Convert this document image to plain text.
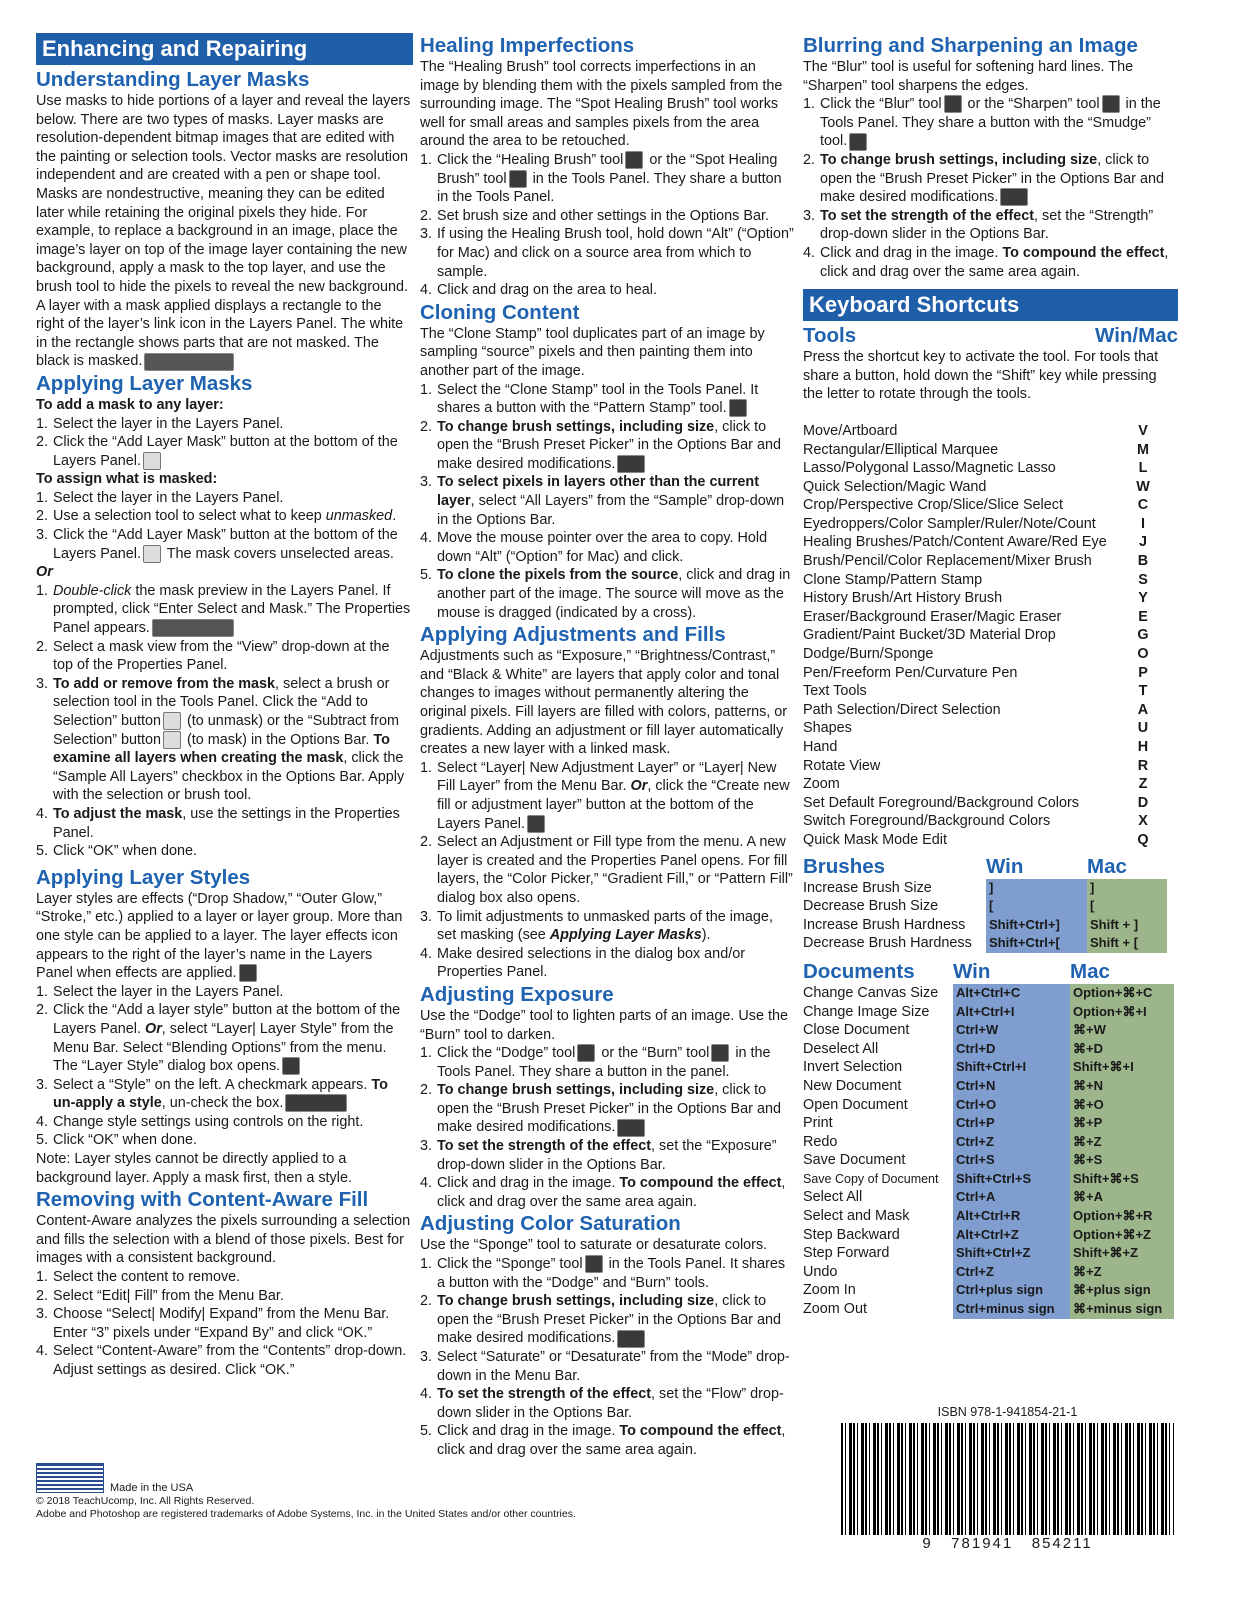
Enhancing and Repairing
Understanding Layer Masks

Use masks to hide portions of a layer and reveal the layers below. There are two types of masks. Layer masks are resolution-dependent bitmap images that are edited with the painting or selection tools. Vector masks are resolution independent and are created with a pen or shape tool. Masks are nondestructive, meaning they can be edited later while retaining the original pixels they hide. For example, to replace a background in an image, place the image’s layer on top of the image layer containing the new background, apply a mask to the top layer, and use the brush tool to hide the pixels to reveal the new background. A layer with a mask applied displays a rectangle to the right of the layer’s link icon in the Layers Panel. The white in the rectangle shows parts that are not masked. The black is masked.

Applying Layer Masks
To add a mask to any layer:
1. Select the layer in the Layers Panel.
2. Click the “Add Layer Mask” button at the bottom of the Layers Panel.
To assign what is masked:
1. Select the layer in the Layers Panel.
2. Use a selection tool to select what to keep unmasked.
3. Click the “Add Layer Mask” button at the bottom of the Layers Panel. The mask covers unselected areas.
Or
1. Double-click the mask preview in the Layers Panel. If prompted, click “Enter Select and Mask.” The Properties Panel appears.
2. Select a mask view from the “View” drop-down at the top of the Properties Panel.
3. To add or remove from the mask, select a brush or selection tool in the Tools Panel. Click the “Add to Selection” button (to unmask) or the “Subtract from Selection” button (to mask) in the Options Bar. To examine all layers when creating the mask, click the “Sample All Layers” checkbox in the Options Bar. Apply with the selection or brush tool.
4. To adjust the mask, use the settings in the Properties Panel.
5. Click “OK” when done.
Applying Layer Styles

Layer styles are effects (“Drop Shadow,” “Outer Glow,” “Stroke,” etc.) applied to a layer or layer group. More than one style can be applied to a layer. The layer effects icon appears to the right of the layer’s name in the Layers Panel when effects are applied.

1. Select the layer in the Layers Panel.
2. Click the “Add a layer style” button at the bottom of the Layers Panel. Or, select “Layer| Layer Style” from the Menu Bar. Select “Blending Options” from the menu. The “Layer Style” dialog box opens.
3. Select a “Style” on the left. A checkmark appears. To un-apply a style, un-check the box.
4. Change style settings using controls on the right.
5. Click “OK” when done.

Note: Layer styles cannot be directly applied to a background layer. Apply a mask first, then a style.

Removing with Content-Aware Fill

Content-Aware analyzes the pixels surrounding a selection and fills the selection with a blend of those pixels. Best for images with a consistent background.

1. Select the content to remove.
2. Select “Edit| Fill” from the Menu Bar.
3. Choose “Select| Modify| Expand” from the Menu Bar. Enter “3” pixels under “Expand By” and click “OK.”
4. Select “Content-Aware” from the “Contents” drop-down. Adjust settings as desired. Click “OK.”
Healing Imperfections

The “Healing Brush” tool corrects imperfections in an image by blending them with the pixels sampled from the surrounding image. The “Spot Healing Brush” tool works well for small areas and samples pixels from the area around the area to be retouched.

1. Click the “Healing Brush” tool or the “Spot Healing Brush” tool in the Tools Panel. They share a button in the Tools Panel.
2. Set brush size and other settings in the Options Bar.
3. If using the Healing Brush tool, hold down “Alt” (“Option” for Mac) and click on a source area from which to sample.
4. Click and drag on the area to heal.
Cloning Content

The “Clone Stamp” tool duplicates part of an image by sampling “source” pixels and then painting them into another part of the image.

1. Select the “Clone Stamp” tool in the Tools Panel. It shares a button with the “Pattern Stamp” tool.
2. To change brush settings, including size, click to open the “Brush Preset Picker” in the Options Bar and make desired modifications.
3. To select pixels in layers other than the current layer, select “All Layers” from the “Sample” drop-down in the Options Bar.
4. Move the mouse pointer over the area to copy. Hold down “Alt” (“Option” for Mac) and click.
5. To clone the pixels from the source, click and drag in another part of the image. The source will move as the mouse is dragged (indicated by a cross).
Applying Adjustments and Fills

Adjustments such as “Exposure,” “Brightness/Contrast,” and “Black & White” are layers that apply color and tonal changes to images without permanently altering the original pixels. Fill layers are filled with colors, patterns, or gradients. Adding an adjustment or fill layer automatically creates a new layer with a linked mask.

1. Select “Layer| New Adjustment Layer” or “Layer| New Fill Layer” from the Menu Bar. Or, click the “Create new fill or adjustment layer” button at the bottom of the Layers Panel.
2. Select an Adjustment or Fill type from the menu. A new layer is created and the Properties Panel opens. For fill layers, the “Color Picker,” “Gradient Fill,” or “Pattern Fill” dialog box also opens.
3. To limit adjustments to unmasked parts of the image, set masking (see Applying Layer Masks).
4. Make desired selections in the dialog box and/or Properties Panel.
Adjusting Exposure

Use the “Dodge” tool to lighten parts of an image. Use the “Burn” tool to darken.

1. Click the “Dodge” tool or the “Burn” tool in the Tools Panel. They share a button in the panel.
2. To change brush settings, including size, click to open the “Brush Preset Picker” in the Options Bar and make desired modifications.
3. To set the strength of the effect, set the “Exposure” drop-down slider in the Options Bar.
4. Click and drag in the image. To compound the effect, click and drag over the same area again.
Adjusting Color Saturation

Use the “Sponge” tool to saturate or desaturate colors.

1. Click the “Sponge” tool in the Tools Panel. It shares a button with the “Dodge” and “Burn” tools.
2. To change brush settings, including size, click to open the “Brush Preset Picker” in the Options Bar and make desired modifications.
3. Select “Saturate” or “Desaturate” from the “Mode” drop-down in the Menu Bar.
4. To set the strength of the effect, set the “Flow” drop-down slider in the Options Bar.
5. Click and drag in the image. To compound the effect, click and drag over the same area again.
Blurring and Sharpening an Image

The “Blur” tool is useful for softening hard lines. The “Sharpen” tool sharpens the edges.

1. Click the “Blur” tool or the “Sharpen” tool in the Tools Panel. They share a button with the “Smudge” tool.
2. To change brush settings, including size, click to open the “Brush Preset Picker” in the Options Bar and make desired modifications.
3. To set the strength of the effect, set the “Strength” drop-down slider in the Options Bar.
4. Click and drag in the image. To compound the effect, click and drag over the same area again.
Keyboard Shortcuts
Tools	Win/Mac

Press the shortcut key to activate the tool. For tools that share a button, hold down the “Shift” key while pressing the letter to rotate through the tools.

Move/Artboard	V
Rectangular/Elliptical Marquee	M
Lasso/Polygonal Lasso/Magnetic Lasso	L
Quick Selection/Magic Wand	W
Crop/Perspective Crop/Slice/Slice Select	C
Eyedroppers/Color Sampler/Ruler/Note/Count	I
Healing Brushes/Patch/Content Aware/Red Eye	J
Brush/Pencil/Color Replacement/Mixer Brush	B
Clone Stamp/Pattern Stamp	S
History Brush/Art History Brush	Y
Eraser/Background Eraser/Magic Eraser	E
Gradient/Paint Bucket/3D Material Drop	G
Dodge/Burn/Sponge	O
Pen/Freeform Pen/Curvature Pen	P
Text Tools	T
Path Selection/Direct Selection	A
Shapes	U
Hand	H
Rotate View	R
Zoom	Z
Set Default Foreground/Background Colors	D
Switch Foreground/Background Colors	X
Quick Mask Mode Edit	Q
Brushes	Win	Mac
Increase Brush Size	]	]
Decrease Brush Size	[	[
Increase Brush Hardness	Shift+Ctrl+]	Shift + ]
Decrease Brush Hardness	Shift+Ctrl+[	Shift + [
Documents	Win	Mac
Change Canvas Size	Alt+Ctrl+C	Option+⌘+C
Change Image Size	Alt+Ctrl+I	Option+⌘+I
Close Document	Ctrl+W	⌘+W
Deselect All	Ctrl+D	⌘+D
Invert Selection	Shift+Ctrl+I	Shift+⌘+I
New Document	Ctrl+N	⌘+N
Open Document	Ctrl+O	⌘+O
Print	Ctrl+P	⌘+P
Redo	Ctrl+Z	⌘+Z
Save Document	Ctrl+S	⌘+S
Save Copy of Document	Shift+Ctrl+S	Shift+⌘+S
Select All	Ctrl+A	⌘+A
Select and Mask	Alt+Ctrl+R	Option+⌘+R
Step Backward	Alt+Ctrl+Z	Option+⌘+Z
Step Forward	Shift+Ctrl+Z	Shift+⌘+Z
Undo	Ctrl+Z	⌘+Z
Zoom In	Ctrl+plus sign	⌘+plus sign
Zoom Out	Ctrl+minus sign	⌘+minus sign
ISBN 978-1-941854-21-1
9   781941   854211
Made in the USA
© 2018 TeachUcomp, Inc. All Rights Reserved.
Adobe and Photoshop are registered trademarks of Adobe Systems, Inc. in the United States and/or other countries.
